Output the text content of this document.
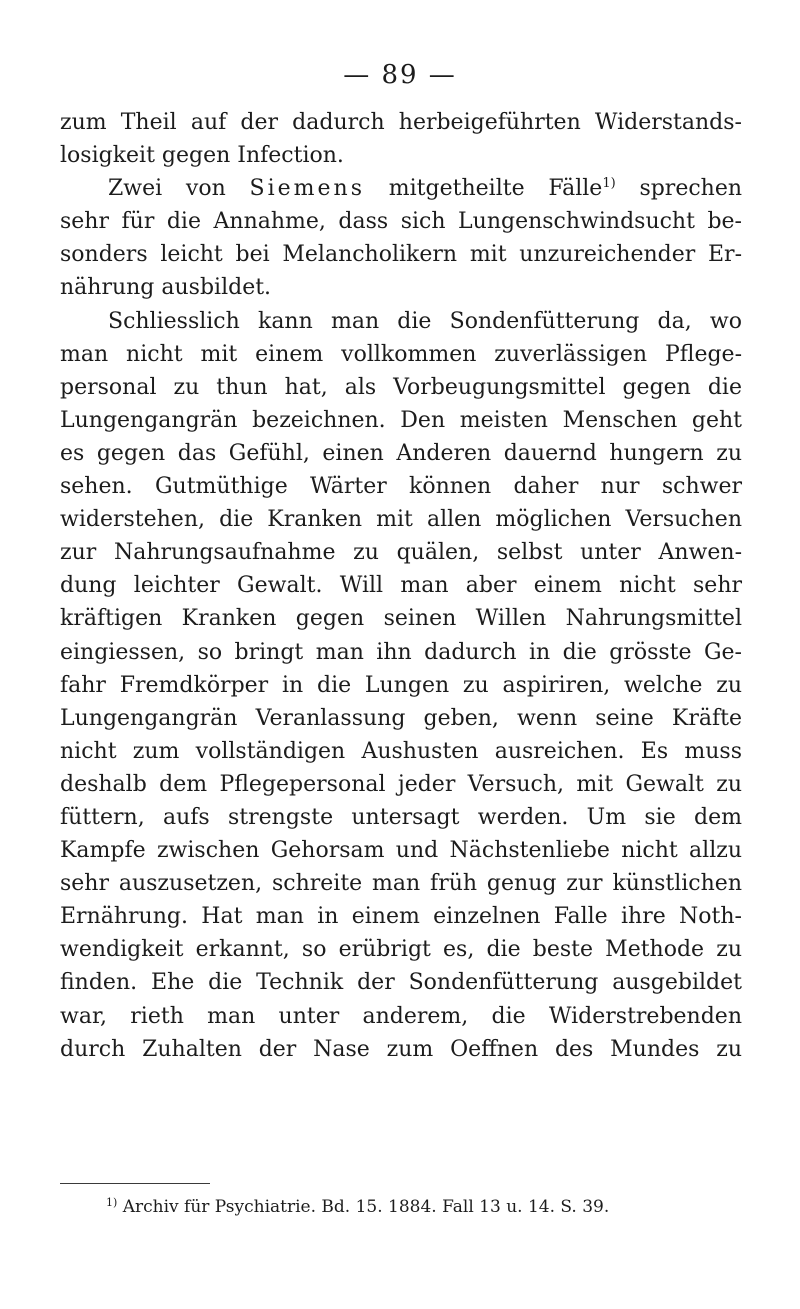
— 89 —
zum Theil auf der dadurch herbeigeführten Widerstands-
losigkeit gegen Infection.
Zwei von Siemens mitgetheilte Fälle$^{1)}$ sprechen
sehr für die Annahme, dass sich Lungenschwindsucht be-
sonders leicht bei Melancholikern mit unzureichender Er-
nährung ausbildet.
Schliesslich kann man die Sondenfütterung da, wo
man nicht mit einem vollkommen zuverlässigen Pflege-
personal zu thun hat, als Vorbeugungsmittel gegen die
Lungengangrän bezeichnen. Den meisten Menschen geht
es gegen das Gefühl, einen Anderen dauernd hungern zu
sehen. Gutmüthige Wärter können daher nur schwer
widerstehen, die Kranken mit allen möglichen Versuchen
zur Nahrungsaufnahme zu quälen, selbst unter Anwen-
dung leichter Gewalt. Will man aber einem nicht sehr
kräftigen Kranken gegen seinen Willen Nahrungsmittel
eingiessen, so bringt man ihn dadurch in die grösste Ge-
fahr Fremdkörper in die Lungen zu aspiriren, welche zu
Lungengangrän Veranlassung geben, wenn seine Kräfte
nicht zum vollständigen Aushusten ausreichen. Es muss
deshalb dem Pflegepersonal jeder Versuch, mit Gewalt zu
füttern, aufs strengste untersagt werden. Um sie dem
Kampfe zwischen Gehorsam und Nächstenliebe nicht allzu
sehr auszusetzen, schreite man früh genug zur künstlichen
Ernährung. Hat man in einem einzelnen Falle ihre Noth-
wendigkeit erkannt, so erübrigt es, die beste Methode zu
finden. Ehe die Technik der Sondenfütterung ausgebildet
war, rieth man unter anderem, die Widerstrebenden
durch Zuhalten der Nase zum Oeffnen des Mundes zu
$^{1)}$ Archiv für Psychiatrie. Bd. 15. 1884. Fall 13 u. 14. S. 39.
